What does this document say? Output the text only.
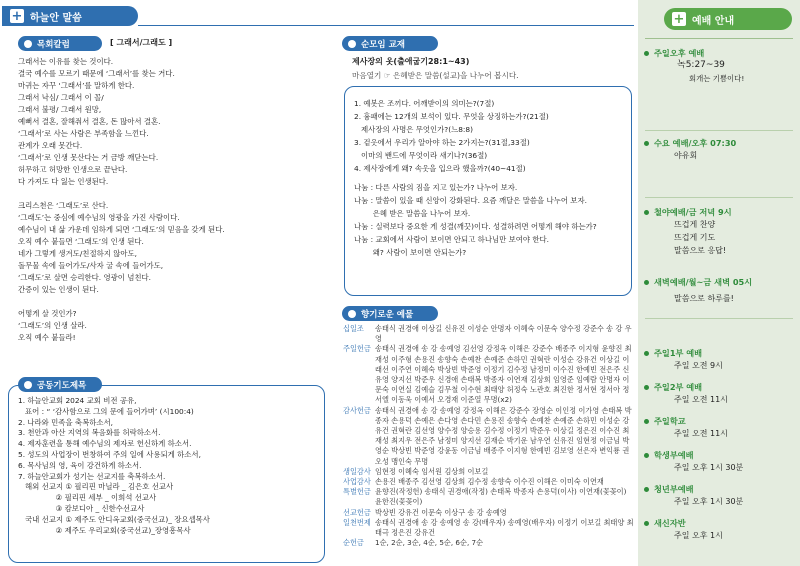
+ 하늘안 말씀
목회칼럼	[ 그래서/그래도 ]

그래서는 이유를 찾는 것이다.

결국 예수를 모르기 때문에 ‘그래서’를 찾는 거다.

마귀는 자꾸 ‘그래서’를 말하게 한다.

그래서 낙심/ 그래서 이 꼴/

그래서 불평/ 그래서 원망,

예뻐서 결혼, 잘해줘서 결혼, 돈 많아서 결혼.

‘그래서’로 사는 사람은 부족함을 느낀다.

관계가 오래 못간다.

‘그래서’로 인생 못산다는 거 금방 깨닫는다.

허무하고 허망한 인생으로 끝난다.

다 가져도 다 잃는 인생된다.

크리스천은 ‘그래도’로 산다.

‘그래도’는 중심에 예수님의 영광을 가진 사람이다.

예수님이 내 삶 가운데 임하게 되면 ‘그래도’의 믿음을 갖게 된다.

오직 예수 붙들면 ‘그래도’의 인생 된다.

네가 그렇게 생겨도/친절하지 않아도,

돌무물 속에 들어가도/사자 굴 속에 들어가도,

‘그래도’로 살면 승리한다. 영광이 넘친다.

간증이 있는 인생이 된다.

어떻게 살 것인가?

‘그래도’의 인생 살라.

오직 예수 붙들라!

공동기도제목

1. 하늘안교회 2024 교회 비전 공유,

표어 : “ ‘감사함으로 그의 문에 들어가며’ (시100:4)

2. 나라와 민족을 축복하소서,

3. 천안과 아산 지역의 복음화를 허락하소서.

4. 제자훈련을 통해 예수님의 제자로 헌신하게 하소서.

5. 성도의 사업장이 번창하여 주의 일에 사용되게 하소서,

6. 목사님의 영, 육이 강건하게 하소서.

7. 하늘안교회가 성기는 선교지를 축복하소서.

해외 선교지 ① 필리핀 마닐라 _ 김은호 선교사

② 필리핀 세부 _ 이희석 선교사

③ 캄보디아 _ 신한수선교사

국내 선교지 ① 제주도 안디옥교회(중국선교)_ 장요셉목사

② 제주도 우리교회(중국선교)_장영흥목사

순모임 교재
제사장의 옷(출애굽기28:1~43)
마음열기 ☞ 은혜받은 말씀(설교)을 나누어 봅시다.

1. 예봇은 조끼다. 어깨받이의 의미는?(7절)

2. 흉패에는 12개의 보석이 있다. 무엇을 상징하는가?(21절)

제사장의 사명은 무엇인가?(느8:8)

3. 겉옷에서 우리가 알아야 하는 2가지는?(31절,33절)

이마의 밴드에 무엇이라 새기나?(36절)

4. 제사장에게 왜? 속옷을 입으라 했을까?(40~41절)

나눔 : 다른 사람의 짐을 지고 있는가? 나누어 보자.

나눔 : 말씀이 있을 때 신앙이 강화된다. 요즘 깨달은 말씀을 나누어 보자.

은혜 받은 말씀을 나누어 보자.

나눔 : 실력보다 중요한 게 성결(깨끗)이다. 성결하려면 어떻게 해야 하는가?

나눔 : 교회에서 사람이 보이면 안되고 하나님만 보여야 한다.

왜? 사람이 보이면 안되는가?

향기로운 예물
십일조	송태식 권경애 이상길 신유진 이성순 안명자 이혜숙 이문숙 양수정 강준수 송 강 우영
주일헌금 송태식 권경애 송 강 송예영 김선영 강정옥 이해은 강준수 배종주 이지형 윤향진 최재성 이주형 손용진 송향숙 손예찬 손예준 손하민 권혁란 이성순 강유건 이상길 이래선 이주연 이혜숙 박상빈 박준영 이정기 김수정 남정미 이수진 한예빈 전은주 신유영 양지선 박준우 신경애 손태복 박종자 이연재 김상희 임영준 임예람 안명자 이문숙 이연실 김예슬 김무철 이수현 최태양 허정숙 노관호 최진한 정서현 정서아 정서엘 이동욱 이예서 오경재 이준열 무명(x2)
감사헌금 송태식 권경애 송 강 송예영 강정옥 이해은 강준수 장영순 이인정 이가영 손태복 박종자 손용덕 손예은 손다영 손다민 손용진 송향숙 손예찬 손예준 손하민 이성순 강유건 권혁란 김선영 양수정 양승용 김수정 이정기 박준우 이상길 정은진 이수진 최재성 최지우 전은주 남정미 양지선 김재순 박기운 남우연 신유진 임현정 이금님 박영순 박상빈 박준영 강윤동 이금님 배종주 이지형 한예빈 김보영 선은자 변익룡 권오성 맹인숙 무명
생일감사 임현정 이혜숙 임서원 김상희 이보길
사업감사 손용진 배종주 김선영 김상희 김수정 송향숙 이수진 이해은 이미숙 이연재
특별헌금 윤향진(작정헌) 송태식 권경애(작정) 손태복 박종자 손용덕(이사) 이연재(꽃꽂이) 윤한진(꽃꽂이)
선교헌금 박상빈 강유건 이문숙 이상구 송 강 송예영
일천번제 송태식 권경애 송 강 송예영 송 강(배우자) 송예영(배우자) 이정기 이보길 최태양 최태극 정은진 강유건
순헌금	1순, 2순, 3순, 4순, 5순, 6순, 7순
+ 예배 안내
주일오후 예배
녹5:27~39
회개는 기쁨이다!
수요 예배/오후 07:30
야유회
철야예배/금 저녁 9시
뜨겁게 찬양
뜨겁게 기도
말씀으로 응답!
새벽예배/월~금 새벽 05시
말씀으로 하루를!
주일1부 예배
주일 오전 9시
주일2부 예배
주일 오전 11시
주일학교
주일 오전 11시
학생부예배
주일 오후 1시 30분
청년부예배
주일 오후 1시 30분
새신자반
주일 오후 1시
